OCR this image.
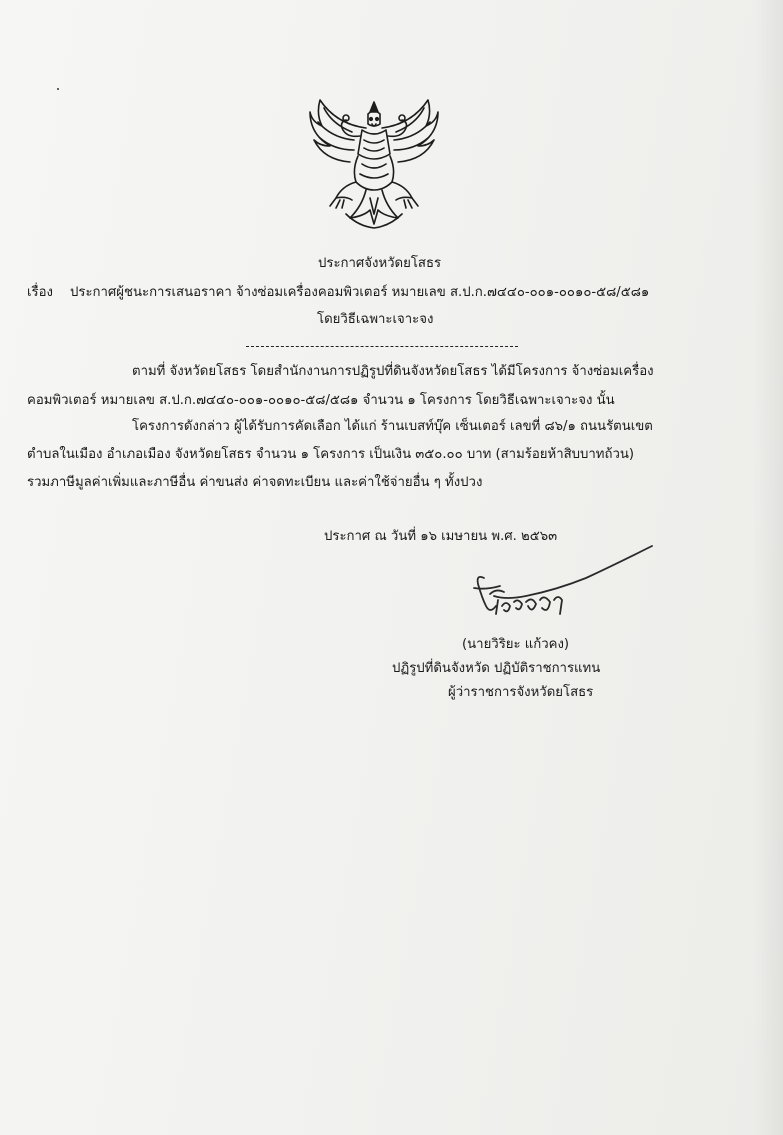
ประกาศจังหวัดยโสธร
เรื่อง ประกาศผู้ชนะการเสนอราคา จ้างซ่อมเครื่องคอมพิวเตอร์ หมายเลข ส.ป.ก.๗๔๔๐-๐๐๑-๐๐๑๐-๕๘/๕๘๑
โดยวิธีเฉพาะเจาะจง
ตามที่ จังหวัดยโสธร โดยสำนักงานการปฏิรูปที่ดินจังหวัดยโสธร ได้มีโครงการ จ้างซ่อมเครื่อง
คอมพิวเตอร์ หมายเลข ส.ป.ก.๗๔๔๐-๐๐๑-๐๐๑๐-๕๘/๕๘๑ จำนวน ๑ โครงการ โดยวิธีเฉพาะเจาะจง นั้น
โครงการดังกล่าว ผู้ได้รับการคัดเลือก ได้แก่ ร้านเบสท์บุ๊ค เซ็นเตอร์ เลขที่ ๘๖/๑ ถนนรัตนเขต
ตำบลในเมือง อำเภอเมือง จังหวัดยโสธร จำนวน ๑ โครงการ เป็นเงิน ๓๕๐.๐๐ บาท (สามร้อยห้าสิบบาทถ้วน)
รวมภาษีมูลค่าเพิ่มและภาษีอื่น ค่าขนส่ง ค่าจดทะเบียน และค่าใช้จ่ายอื่น ๆ ทั้งปวง
ประกาศ ณ วันที่ ๑๖ เมษายน พ.ศ. ๒๕๖๓
(นายวิริยะ แก้วคง)
ปฏิรูปที่ดินจังหวัด ปฏิบัติราชการแทน
ผู้ว่าราชการจังหวัดยโสธร
